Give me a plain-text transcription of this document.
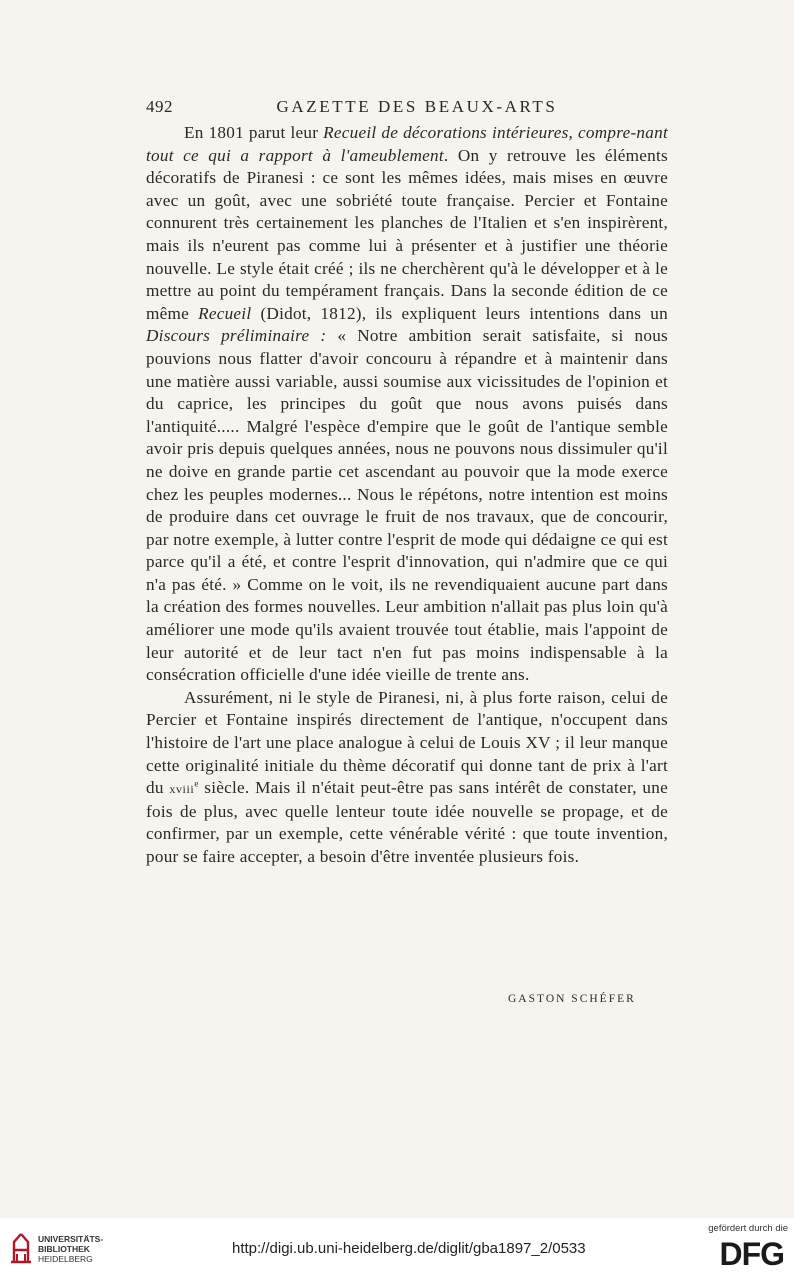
492	GAZETTE DES BEAUX-ARTS

En 1801 parut leur Recueil de décorations intérieures, compre-nant tout ce qui a rapport à l'ameublement. On y retrouve les éléments décoratifs de Piranesi : ce sont les mêmes idées, mais mises en œuvre avec un goût, avec une sobriété toute française. Percier et Fontaine connurent très certainement les planches de l'Italien et s'en inspirèrent, mais ils n'eurent pas comme lui à présenter et à justifier une théorie nouvelle. Le style était créé ; ils ne cherchèrent qu'à le développer et à le mettre au point du tempérament français. Dans la seconde édition de ce même Recueil (Didot, 1812), ils expliquent leurs intentions dans un Discours préliminaire : « Notre ambition serait satisfaite, si nous pouvions nous flatter d'avoir concouru à répandre et à maintenir dans une matière aussi variable, aussi soumise aux vicissitudes de l'opinion et du caprice, les principes du goût que nous avons puisés dans l'antiquité..... Malgré l'espèce d'empire que le goût de l'antique semble avoir pris depuis quelques années, nous ne pouvons nous dissimuler qu'il ne doive en grande partie cet ascendant au pouvoir que la mode exerce chez les peuples modernes... Nous le répétons, notre intention est moins de produire dans cet ouvrage le fruit de nos travaux, que de concourir, par notre exemple, à lutter contre l'esprit de mode qui dédaigne ce qui est parce qu'il a été, et contre l'esprit d'innovation, qui n'admire que ce qui n'a pas été. » Comme on le voit, ils ne revendiquaient aucune part dans la création des formes nouvelles. Leur ambition n'allait pas plus loin qu'à améliorer une mode qu'ils avaient trouvée tout établie, mais l'appoint de leur autorité et de leur tact n'en fut pas moins indispensable à la consécration officielle d'une idée vieille de trente ans.

Assurément, ni le style de Piranesi, ni, à plus forte raison, celui de Percier et Fontaine inspirés directement de l'antique, n'occupent dans l'histoire de l'art une place analogue à celui de Louis XV ; il leur manque cette originalité initiale du thème décoratif qui donne tant de prix à l'art du xviii$^e$ siècle. Mais il n'était peut-être pas sans intérêt de constater, une fois de plus, avec quelle lenteur toute idée nouvelle se propage, et de confirmer, par un exemple, cette vénérable vérité : que toute invention, pour se faire accepter, a besoin d'être inventée plusieurs fois.

GASTON SCHÉFER
UNIVERSITÄTS-
BIBLIOTHEK
HEIDELBERG
http://digi.ub.uni-heidelberg.de/diglit/gba1897_2/0533
gefördert durch die
DFG
